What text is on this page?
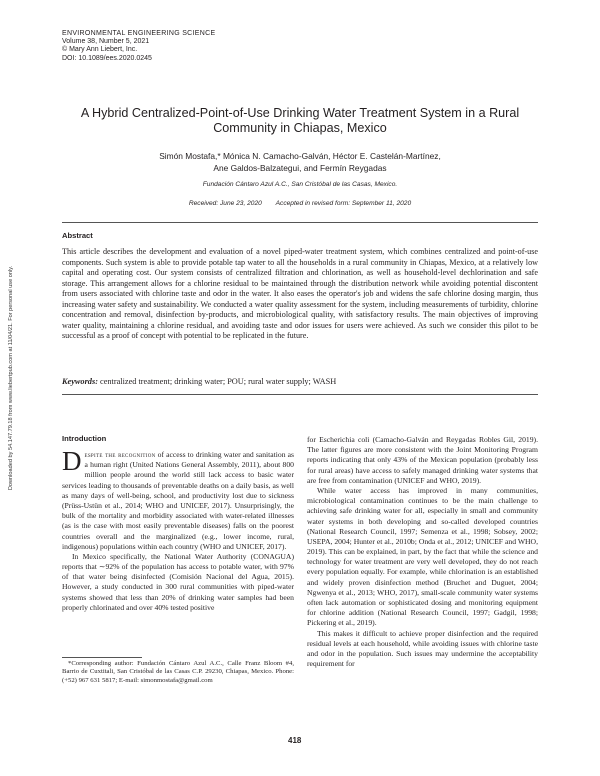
ENVIRONMENTAL ENGINEERING SCIENCE
Volume 38, Number 5, 2021
© Mary Ann Liebert, Inc.
DOI: 10.1089/ees.2020.0245
Downloaded by 54.147.79.18 from www.liebertpub.com at 11/04/21. For personal use only.
A Hybrid Centralized-Point-of-Use Drinking Water Treatment System in a Rural Community in Chiapas, Mexico
Simón Mostafa,* Mónica N. Camacho-Galván, Héctor E. Castelán-Martínez,
Ane Galdos-Balzategui, and Fermín Reygadas
Fundación Cántaro Azul A.C., San Cristóbal de las Casas, Mexico.
Received: June 23, 2020 Accepted in revised form: September 11, 2020
Abstract
This article describes the development and evaluation of a novel piped-water treatment system, which combines centralized and point-of-use components. Such system is able to provide potable tap water to all the households in a rural community in Chiapas, Mexico, at a relatively low capital and operating cost. Our system consists of centralized filtration and chlorination, as well as household-level dechlorination and safe storage. This arrangement allows for a chlorine residual to be maintained through the distribution network while avoiding potential discontent from users associated with chlorine taste and odor in the water. It also eases the operator's job and widens the safe chlorine dosing margin, thus increasing water safety and sustainability. We conducted a water quality assessment for the system, including measurements of turbidity, chlorine concentration and removal, disinfection by-products, and microbiological quality, with satisfactory results. The main objectives of improving water quality, maintaining a chlorine residual, and avoiding taste and odor issues for users were achieved. As such we consider this pilot to be successful as a proof of concept with potential to be replicated in the future.
Keywords: centralized treatment; drinking water; POU; rural water supply; WASH
Introduction

Despite the recognition of access to drinking water and sanitation as a human right (United Nations General Assembly, 2011), about 800 million people around the world still lack access to basic water services leading to thousands of preventable deaths on a daily basis, as well as many days of well-being, school, and productivity lost due to sickness (Prüss-Ustün et al., 2014; WHO and UNICEF, 2017). Unsurprisingly, the bulk of the mortality and morbidity associated with water-related illnesses (as is the case with most easily preventable diseases) falls on the poorest countries overall and the marginalized (e.g., lower income, rural, indigenous) populations within each country (WHO and UNICEF, 2017).

In Mexico specifically, the National Water Authority (CONAGUA) reports that ∼92% of the population has access to potable water, with 97% of that water being disinfected (Comisión Nacional del Agua, 2015). However, a study conducted in 300 rural communities with piped-water systems showed that less than 20% of drinking water samples had been properly chlorinated and over 40% tested positive

for Escherichia coli (Camacho-Galván and Reygadas Robles Gil, 2019). The latter figures are more consistent with the Joint Monitoring Program reports indicating that only 43% of the Mexican population (probably less for rural areas) have access to safely managed drinking water systems that are free from contamination (UNICEF and WHO, 2019).

While water access has improved in many communities, microbiological contamination continues to be the main challenge to achieving safe drinking water for all, especially in small and community water systems in both developing and so-called developed countries (National Research Council, 1997; Semenza et al., 1998; Sobsey, 2002; USEPA, 2004; Hunter et al., 2010b; Onda et al., 2012; UNICEF and WHO, 2019). This can be explained, in part, by the fact that while the science and technology for water treatment are very well developed, they do not reach every population equally. For example, while chlorination is an established and widely proven disinfection method (Bruchet and Duguet, 2004; Ngwenya et al., 2013; WHO, 2017), small-scale community water systems often lack automation or sophisticated dosing and monitoring equipment for chlorine addition (National Research Council, 1997; Gadgil, 1998; Pickering et al., 2019).

This makes it difficult to achieve proper disinfection and the required residual levels at each household, while avoiding issues with chlorine taste and odor in the population. Such issues may undermine the acceptability requirement for

*Corresponding author: Fundación Cántaro Azul A.C., Calle Franz Bloom #4, Barrio de Cuxtitali, San Cristóbal de las Casas C.P. 29230, Chiapas, Mexico. Phone: (+52) 967 631 5817; E-mail: simonmostafa@gmail.com
418
